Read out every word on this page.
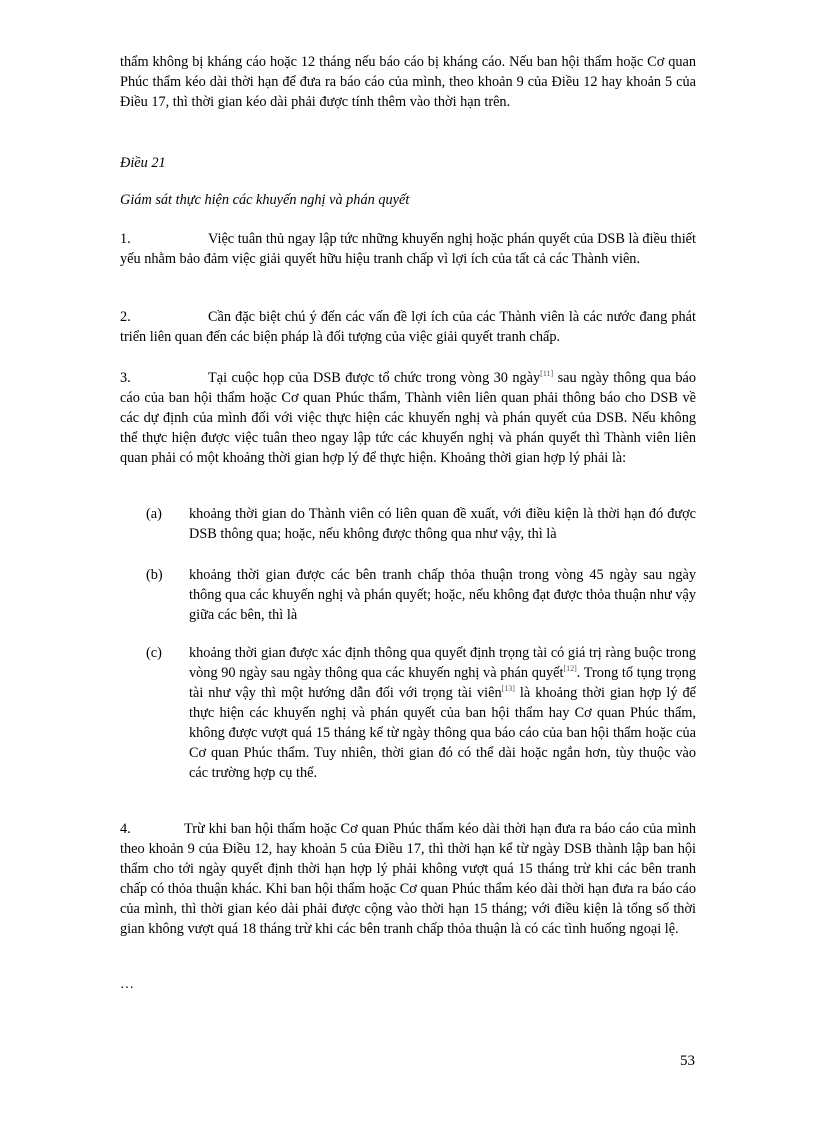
thẩm không bị kháng cáo hoặc 12 tháng nếu báo cáo bị kháng cáo. Nếu ban hội thẩm hoặc Cơ quan Phúc thẩm kéo dài thời hạn để đưa ra báo cáo của mình, theo khoản 9 của Điều 12 hay khoản 5 của Điều 17, thì thời gian kéo dài phải được tính thêm vào thời hạn trên.

Điều 21

Giám sát thực hiện các khuyến nghị và phán quyết

1.	Việc tuân thủ ngay lập tức những khuyến nghị hoặc phán quyết của DSB là điều thiết yếu nhằm bảo đảm việc giải quyết hữu hiệu tranh chấp vì lợi ích của tất cả các Thành viên.

2.	Cần đặc biệt chú ý đến các vấn đề lợi ích của các Thành viên là các nước đang phát triển liên quan đến các biện pháp là đối tượng của việc giải quyết tranh chấp.

3.	Tại cuộc họp của DSB được tổ chức trong vòng 30 ngày[11] sau ngày thông qua báo cáo của ban hội thẩm hoặc Cơ quan Phúc thẩm, Thành viên liên quan phải thông báo cho DSB về các dự định của mình đối với việc thực hiện các khuyến nghị và phán quyết của DSB. Nếu không thể thực hiện được việc tuân theo ngay lập tức các khuyến nghị và phán quyết thì Thành viên liên quan phải có một khoảng thời gian hợp lý để thực hiện. Khoảng thời gian hợp lý phải là:

(a)	khoảng thời gian do Thành viên có liên quan đề xuất, với điều kiện là thời hạn đó được DSB thông qua; hoặc, nếu không được thông qua như vậy, thì là

(b)	khoảng thời gian được các bên tranh chấp thỏa thuận trong vòng 45 ngày sau ngày thông qua các khuyến nghị và phán quyết; hoặc, nếu không đạt được thỏa thuận như vậy giữa các bên, thì là

(c)	khoảng thời gian được xác định thông qua quyết định trọng tài có giá trị ràng buộc trong vòng 90 ngày sau ngày thông qua các khuyến nghị và phán quyết[12]. Trong tố tụng trọng tài như vậy thì một hướng dẫn đối với trọng tài viên[13] là khoảng thời gian hợp lý để thực hiện các khuyến nghị và phán quyết của ban hội thẩm hay Cơ quan Phúc thẩm, không được vượt quá 15 tháng kể từ ngày thông qua báo cáo của ban hội thẩm hoặc của Cơ quan Phúc thẩm. Tuy nhiên, thời gian đó có thể dài hoặc ngắn hơn, tùy thuộc vào các trường hợp cụ thể.

4.	Trừ khi ban hội thẩm hoặc Cơ quan Phúc thẩm kéo dài thời hạn đưa ra báo cáo của mình theo khoản 9 của Điều 12, hay khoản 5 của Điều 17, thì thời hạn kể từ ngày DSB thành lập ban hội thẩm cho tới ngày quyết định thời hạn hợp lý phải không vượt quá 15 tháng trừ khi các bên tranh chấp có thỏa thuận khác. Khi ban hội thẩm hoặc Cơ quan Phúc thẩm kéo dài thời hạn đưa ra báo cáo của mình, thì thời gian kéo dài phải được cộng vào thời hạn 15 tháng; với điều kiện là tổng số thời gian không vượt quá 18 tháng trừ khi các bên tranh chấp thỏa thuận là có các tình huống ngoại lệ.

…
53
